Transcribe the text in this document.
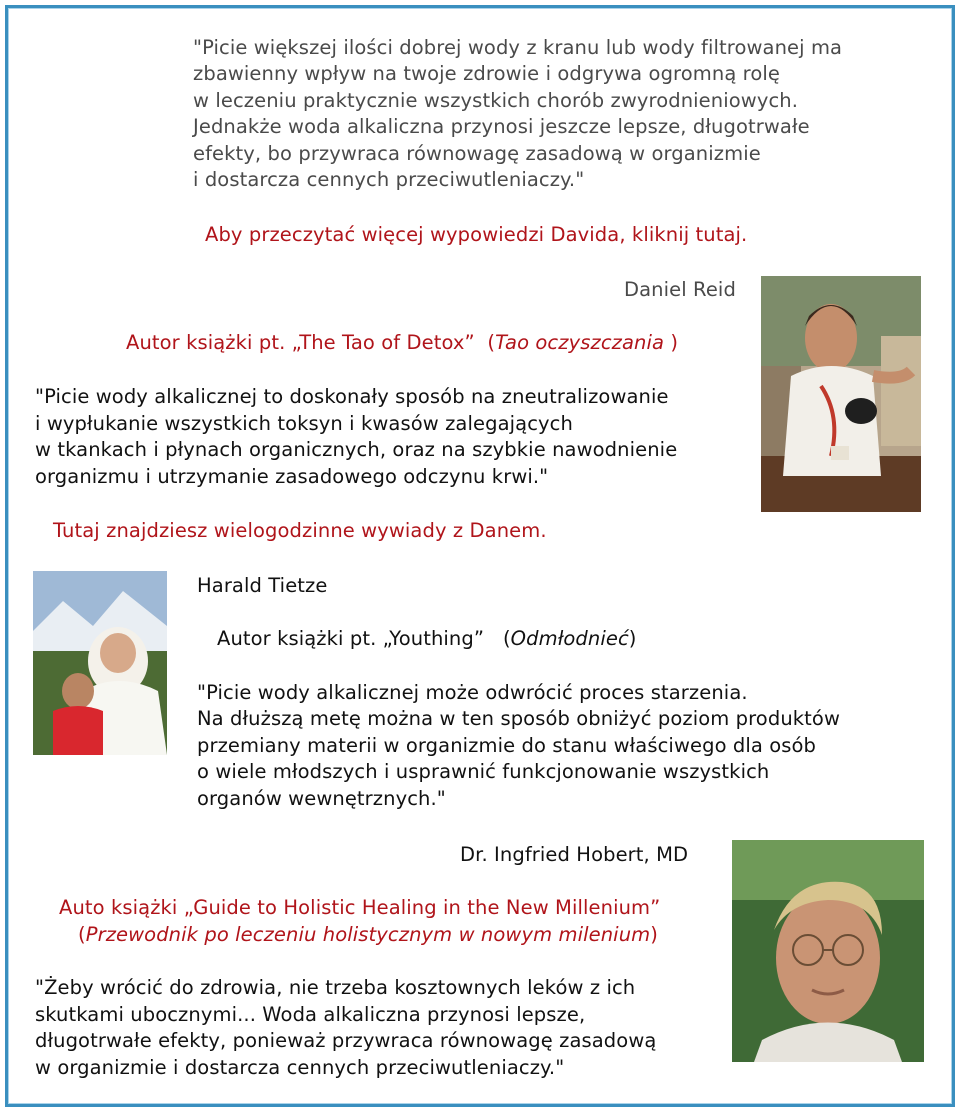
"Picie większej ilości dobrej wody z kranu lub wody filtrowanej ma
zbawienny wpływ na twoje zdrowie i odgrywa ogromną rolę
w leczeniu praktycznie wszystkich chorób zwyrodnieniowych.
Jednakże woda alkaliczna przynosi jeszcze lepsze, długotrwałe
efekty, bo przywraca równowagę zasadową w organizmie
i dostarcza cennych przeciwutleniaczy."
Aby przeczytać więcej wypowiedzi Davida, kliknij tutaj.
Daniel Reid
Autor książki pt. „The Tao of Detox”  (Tao oczyszczania )
"Picie wody alkalicznej to doskonały sposób na zneutralizowanie
i wypłukanie wszystkich toksyn i kwasów zalegających
w tkankach i płynach organicznych, oraz na szybkie nawodnienie
organizmu i utrzymanie zasadowego odczynu krwi."
Tutaj znajdziesz wielogodzinne wywiady z Danem.
Harald Tietze
Autor książki pt. „Youthing”   (Odmłodnieć)
"Picie wody alkalicznej może odwrócić proces starzenia.
Na dłuższą metę można w ten sposób obniżyć poziom produktów
przemiany materii w organizmie do stanu właściwego dla osób
o wiele młodszych i usprawnić funkcjonowanie wszystkich
organów wewnętrznych."
Dr. Ingfried Hobert, MD
Auto książki „Guide to Holistic Healing in the New Millenium”
(Przewodnik po leczeniu holistycznym w nowym milenium)
"Żeby wrócić do zdrowia, nie trzeba kosztownych leków z ich
skutkami ubocznymi... Woda alkaliczna przynosi lepsze,
długotrwałe efekty, ponieważ przywraca równowagę zasadową
w organizmie i dostarcza cennych przeciwutleniaczy."
